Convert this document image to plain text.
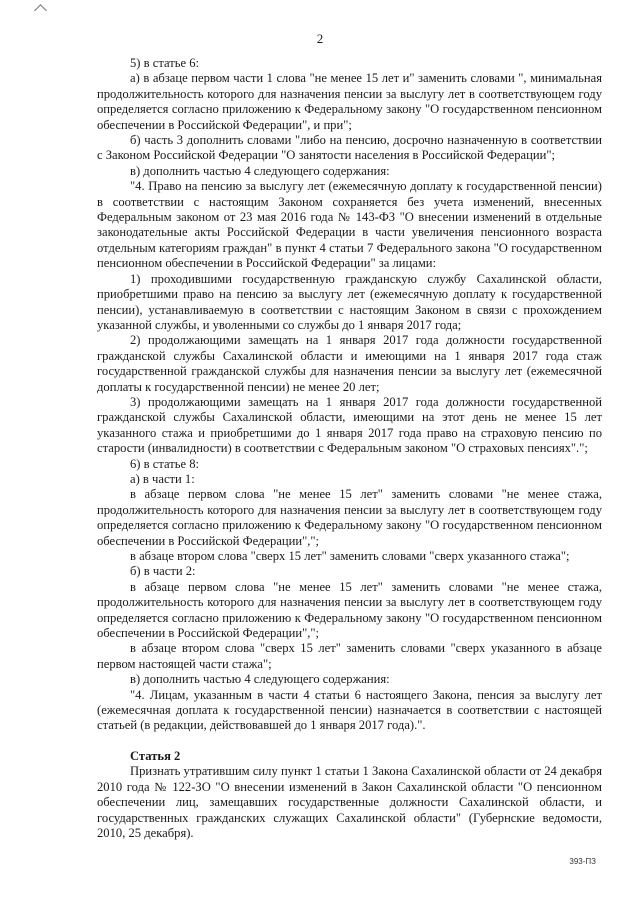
2

5) в статье 6:

а) в абзаце первом части 1 слова "не менее 15 лет и" заменить словами ", минимальная продолжительность которого для назначения пенсии за выслугу лет в соответствующем году определяется согласно приложению к Федеральному закону "О государственном пенсионном обеспечении в Российской Федерации", и при";

б) часть 3 дополнить словами "либо на пенсию, досрочно назначенную в соответствии с Законом Российской Федерации "О занятости населения в Российской Федерации";

в) дополнить частью 4 следующего содержания:

"4. Право на пенсию за выслугу лет (ежемесячную доплату к государственной пенсии) в соответствии с настоящим Законом сохраняется без учета изменений, внесенных Федеральным законом от 23 мая 2016 года № 143-ФЗ "О внесении изменений в отдельные законодательные акты Российской Федерации в части увеличения пенсионного возраста отдельным категориям граждан" в пункт 4 статьи 7 Федерального закона "О государственном пенсионном обеспечении в Российской Федерации" за лицами:

1) проходившими государственную гражданскую службу Сахалинской области, приобретшими право на пенсию за выслугу лет (ежемесячную доплату к государственной пенсии), устанавливаемую в соответствии с настоящим Законом в связи с прохождением указанной службы, и уволенными со службы до 1 января 2017 года;

2) продолжающими замещать на 1 января 2017 года должности государственной гражданской службы Сахалинской области и имеющими на 1 января 2017 года стаж государственной гражданской службы для назначения пенсии за выслугу лет (ежемесячной доплаты к государственной пенсии) не менее 20 лет;

3) продолжающими замещать на 1 января 2017 года должности государственной гражданской службы Сахалинской области, имеющими на этот день не менее 15 лет указанного стажа и приобретшими до 1 января 2017 года право на страховую пенсию по старости (инвалидности) в соответствии с Федеральным законом "О страховых пенсиях".";

6) в статье 8:

а) в части 1:

в абзаце первом слова "не менее 15 лет" заменить словами "не менее стажа, продолжительность которого для назначения пенсии за выслугу лет в соответствующем году определяется согласно приложению к Федеральному закону "О государственном пенсионном обеспечении в Российской Федерации",";

в абзаце втором слова "сверх 15 лет" заменить словами "сверх указанного стажа";

б) в части 2:

в абзаце первом слова "не менее 15 лет" заменить словами "не менее стажа, продолжительность которого для назначения пенсии за выслугу лет в соответствующем году определяется согласно приложению к Федеральному закону "О государственном пенсионном обеспечении в Российской Федерации",";

в абзаце втором слова "сверх 15 лет" заменить словами "сверх указанного в абзаце первом настоящей части стажа";

в) дополнить частью 4 следующего содержания:

"4. Лицам, указанным в части 4 статьи 6 настоящего Закона, пенсия за выслугу лет (ежемесячная доплата к государственной пенсии) назначается в соответствии с настоящей статьей (в редакции, действовавшей до 1 января 2017 года).".

Статья 2

Признать утратившим силу пункт 1 статьи 1 Закона Сахалинской области от 24 декабря 2010 года № 122-ЗО "О внесении изменений в Закон Сахалинской области "О пенсионном обеспечении лиц, замещавших государственные должности Сахалинской области, и государственных гражданских служащих Сахалинской области" (Губернские ведомости, 2010, 25 декабря).

393-ПЗ
